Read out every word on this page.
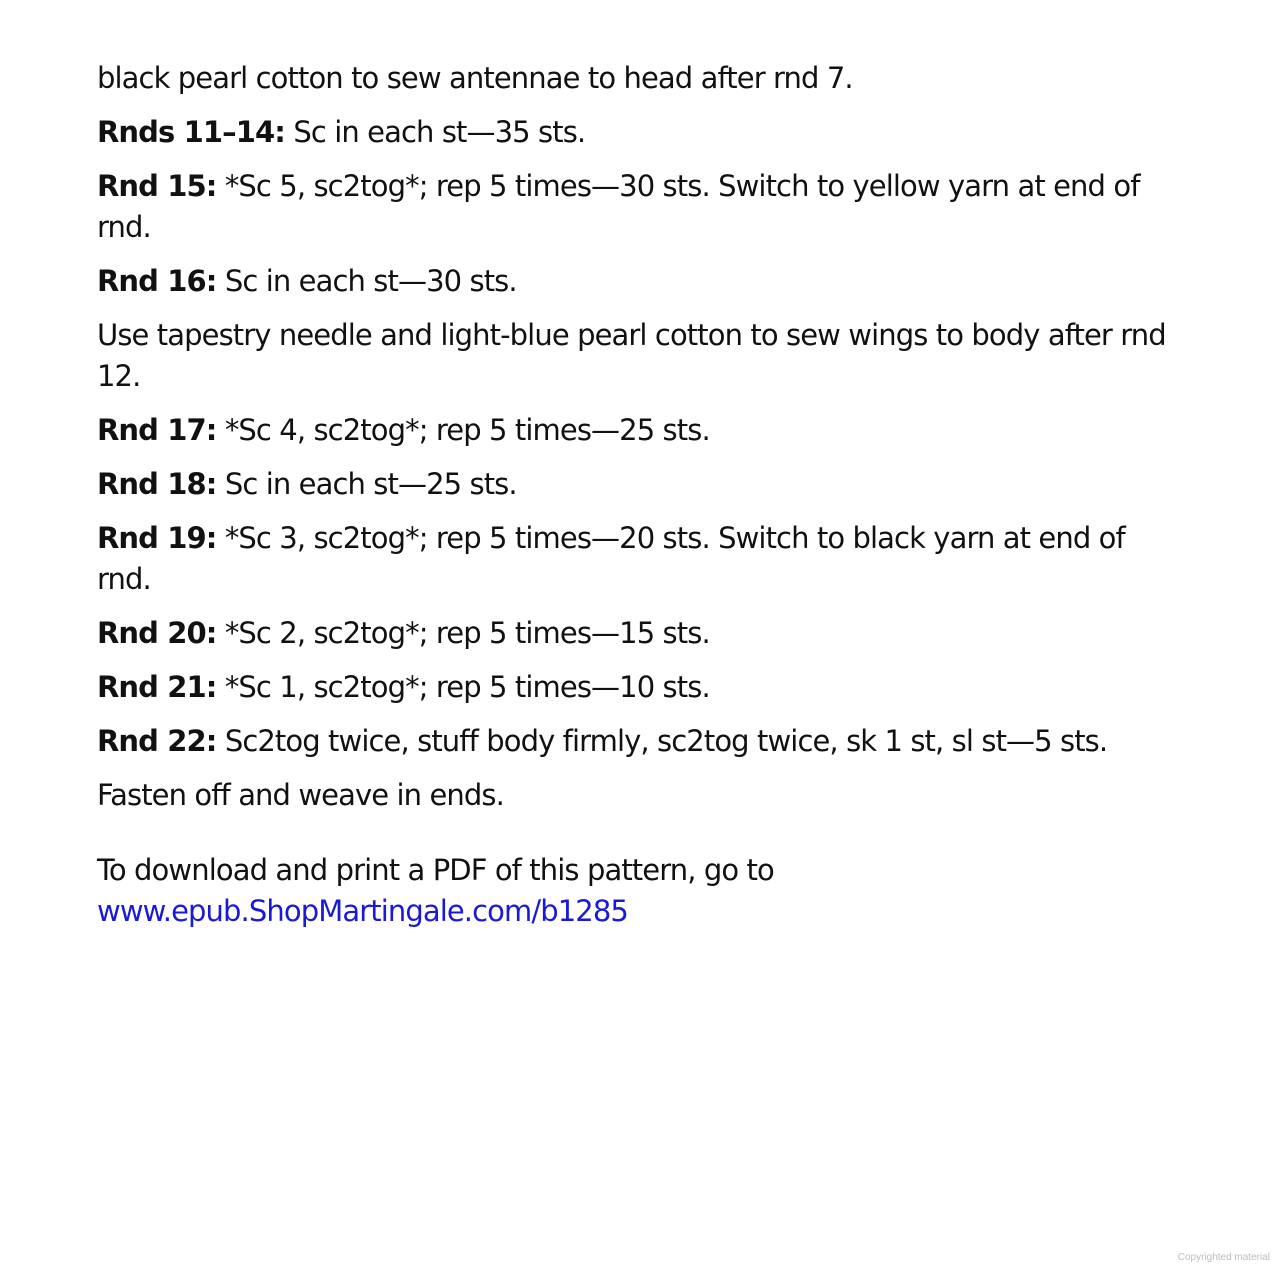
black pearl cotton to sew antennae to head after rnd 7.

Rnds 11–14: Sc in each st—35 sts.

Rnd 15: *Sc 5, sc2tog*; rep 5 times—30 sts. Switch to yellow yarn at end of rnd.

Rnd 16: Sc in each st—30 sts.

Use tapestry needle and light-blue pearl cotton to sew wings to body after rnd 12.

Rnd 17: *Sc 4, sc2tog*; rep 5 times—25 sts.

Rnd 18: Sc in each st—25 sts.

Rnd 19: *Sc 3, sc2tog*; rep 5 times—20 sts. Switch to black yarn at end of rnd.

Rnd 20: *Sc 2, sc2tog*; rep 5 times—15 sts.

Rnd 21: *Sc 1, sc2tog*; rep 5 times—10 sts.

Rnd 22: Sc2tog twice, stuff body firmly, sc2tog twice, sk 1 st, sl st—5 sts.

Fasten off and weave in ends.

To download and print a PDF of this pattern, go to
www.epub.ShopMartingale.com/b1285

Copyrighted material
